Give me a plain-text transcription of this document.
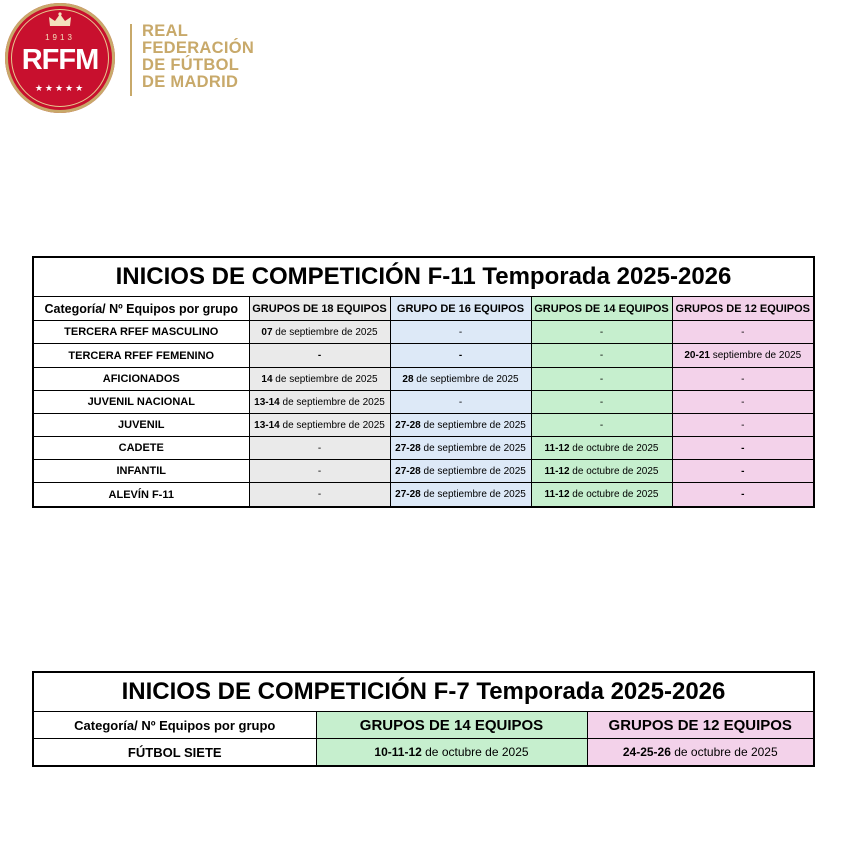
1913
RFFM
★★★★★
REAL
FEDERACIÓN
DE FÚTBOL
DE MADRID
INICIOS DE COMPETICIÓN F-11 Temporada 2025-2026				
Categoría/ Nº Equipos por grupo	GRUPOS DE 18 EQUIPOS	GRUPO DE 16 EQUIPOS	GRUPOS DE 14 EQUIPOS	GRUPOS DE 12 EQUIPOS
TERCERA RFEF MASCULINO	07 de septiembre de 2025	-	-	-
TERCERA RFEF FEMENINO	-	-	-	20-21 septiembre de 2025
AFICIONADOS	14 de septiembre de 2025	28 de septiembre de 2025	-	-
JUVENIL NACIONAL	13-14 de septiembre de 2025	-	-	-
JUVENIL	13-14 de septiembre de 2025	27-28 de septiembre de 2025	-	-
CADETE	-	27-28 de septiembre de 2025	11-12 de octubre de 2025	-
INFANTIL	-	27-28 de septiembre de 2025	11-12 de octubre de 2025	-
ALEVÍN F-11	-	27-28 de septiembre de 2025	11-12 de octubre de 2025	-
INICIOS DE COMPETICIÓN F-7 Temporada 2025-2026		
Categoría/ Nº Equipos por grupo	GRUPOS DE 14 EQUIPOS	GRUPOS DE 12 EQUIPOS
FÚTBOL SIETE	10-11-12 de octubre de 2025	24-25-26 de octubre de 2025
